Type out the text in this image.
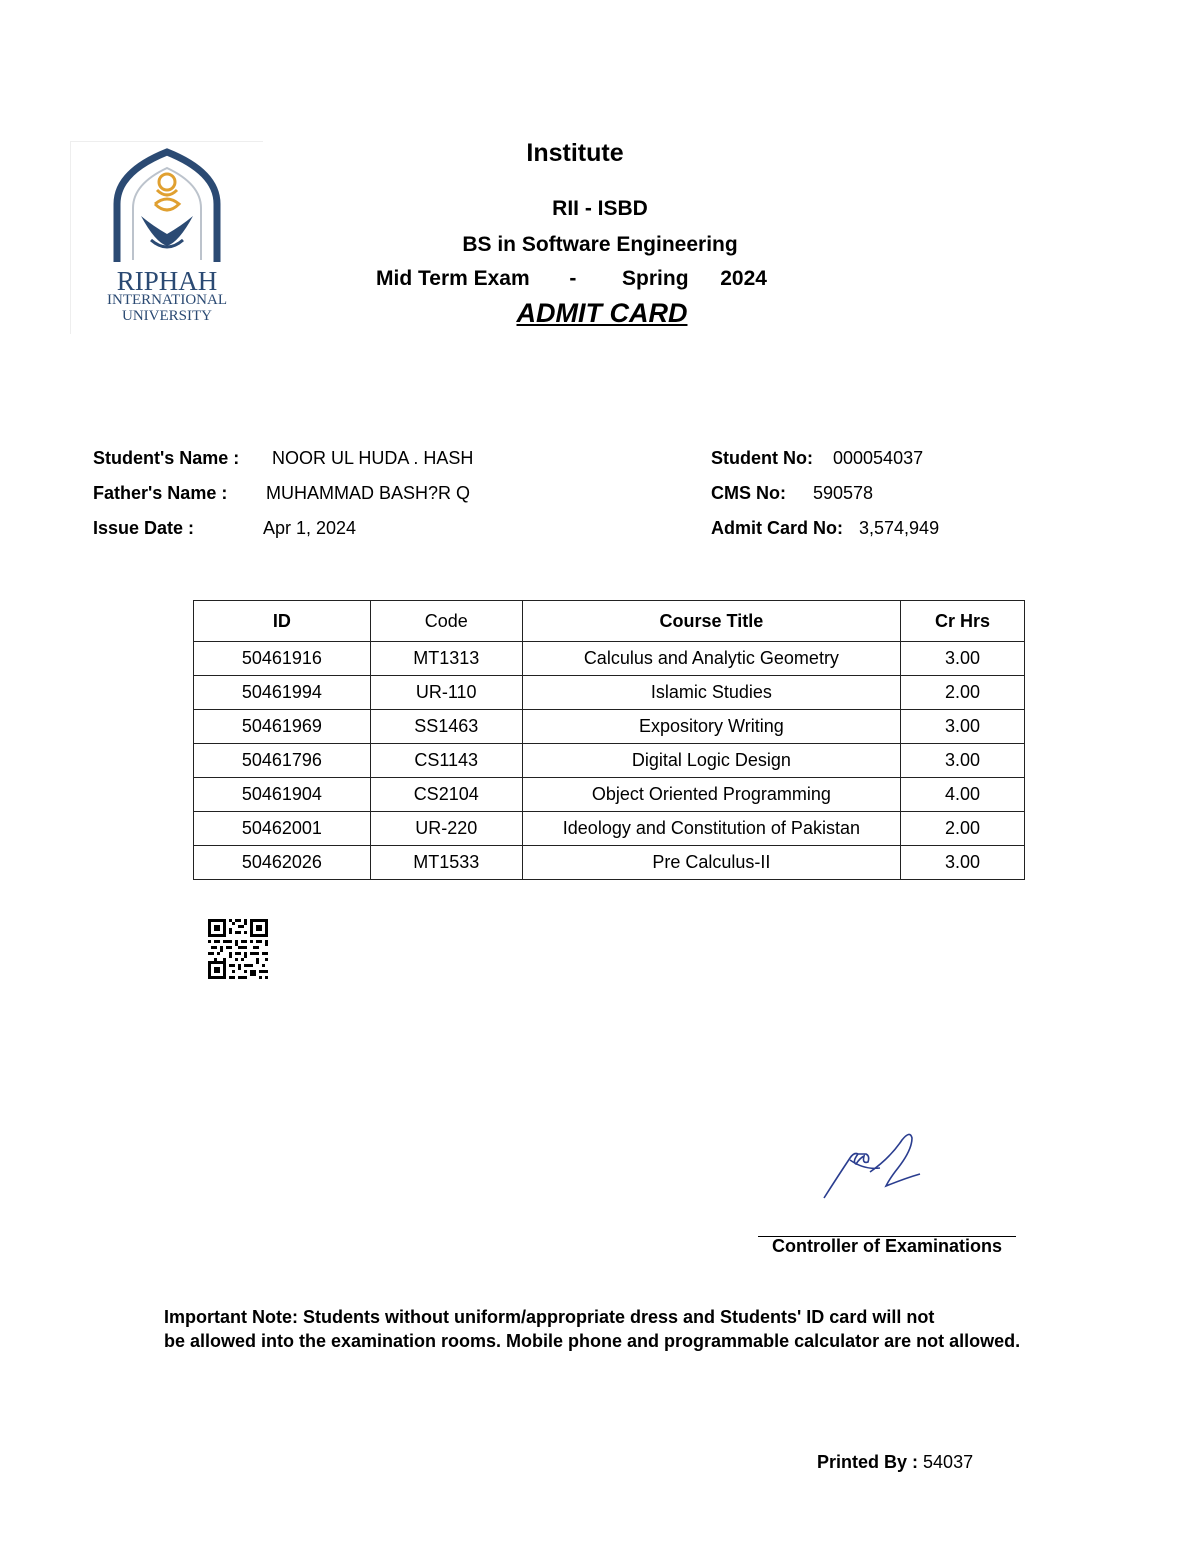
RIPHAH
INTERNATIONAL
UNIVERSITY
Institute
RII - ISBD
BS in Software Engineering
Mid Term Exam - Spring 2024
ADMIT CARD
Student's Name : NOOR UL HUDA . HASH
Father's Name : MUHAMMAD BASH?R Q
Issue Date :	Apr 1, 2024
Student No: 000054037
CMS No: 590578
Admit Card No: 3,574,949
ID	Code	Course Title	Cr Hrs
50461916	MT1313	Calculus and Analytic Geometry	3.00
50461994	UR-110	Islamic Studies	2.00
50461969	SS1463	Expository Writing	3.00
50461796	CS1143	Digital Logic Design	3.00
50461904	CS2104	Object Oriented Programming	4.00
50462001	UR-220	Ideology and Constitution of Pakistan	2.00
50462026	MT1533	Pre Calculus-II	3.00
Controller of Examinations
Important Note: Students without uniform/appropriate dress and Students' ID card will not
be allowed into the examination rooms. Mobile phone and programmable calculator are not allowed.
Printed By : 54037
